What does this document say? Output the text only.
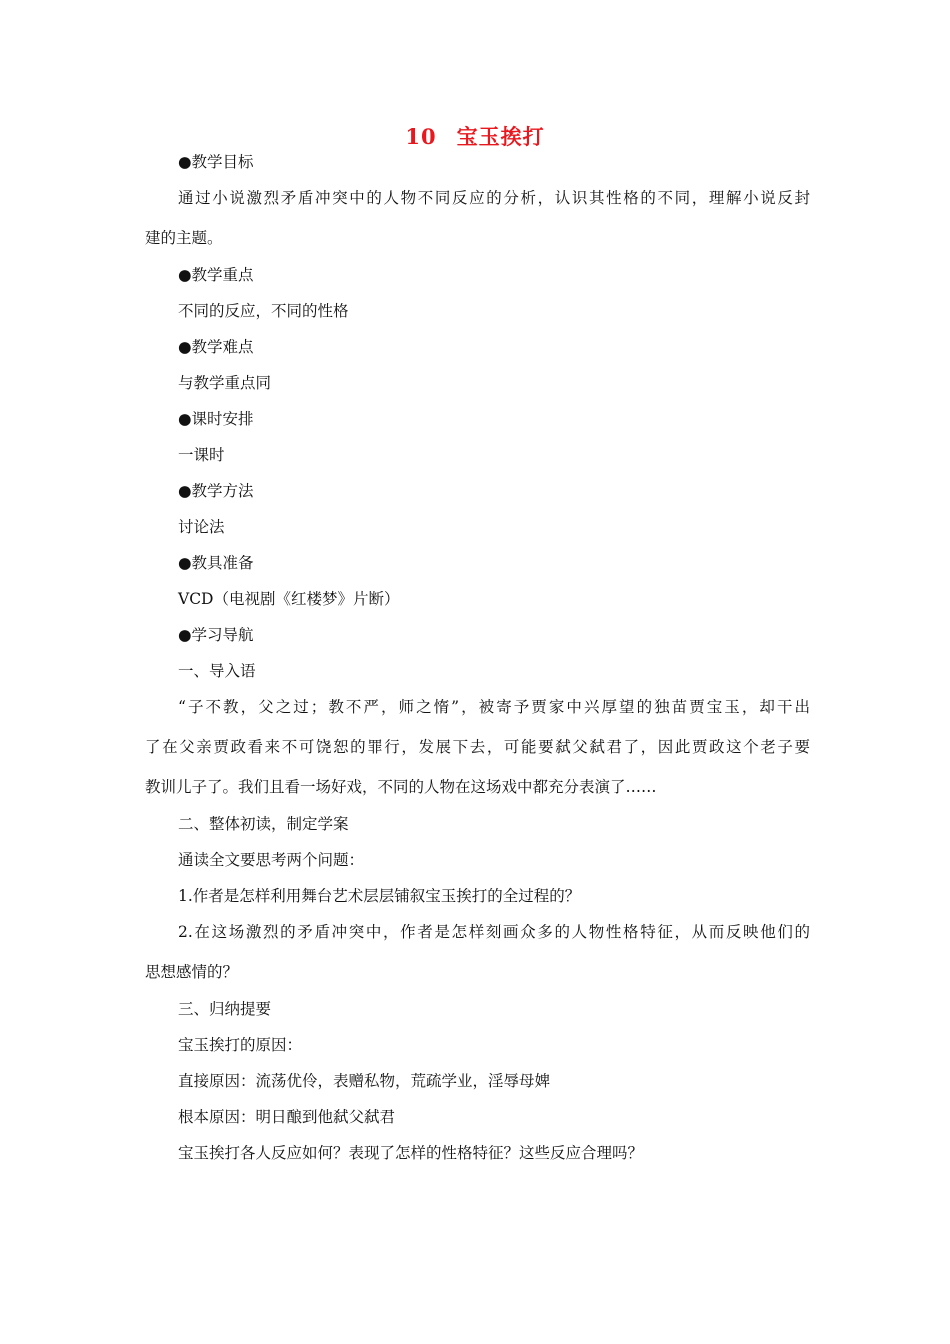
10 宝玉挨打
●教学目标
通过小说激烈矛盾冲突中的人物不同反应的分析，认识其性格的不同，理解小说反封
建的主题。
●教学重点
不同的反应，不同的性格
●教学难点
与教学重点同
●课时安排
一课时
●教学方法
讨论法
●教具准备
VCD（电视剧《红楼梦》片断）
●学习导航
一、导入语
“子不教，父之过；教不严，师之惰”，被寄予贾家中兴厚望的独苗贾宝玉，却干出
了在父亲贾政看来不可饶恕的罪行，发展下去，可能要弑父弑君了，因此贾政这个老子要
教训儿子了。我们且看一场好戏，不同的人物在这场戏中都充分表演了……
二、整体初读，制定学案
通读全文要思考两个问题：
1.作者是怎样利用舞台艺术层层铺叙宝玉挨打的全过程的？
2.在这场激烈的矛盾冲突中，作者是怎样刻画众多的人物性格特征，从而反映他们的
思想感情的？
三、归纳提要
宝玉挨打的原因：
直接原因：流荡优伶，表赠私物，荒疏学业，淫辱母婢
根本原因：明日酿到他弑父弑君
宝玉挨打各人反应如何？表现了怎样的性格特征？这些反应合理吗？
